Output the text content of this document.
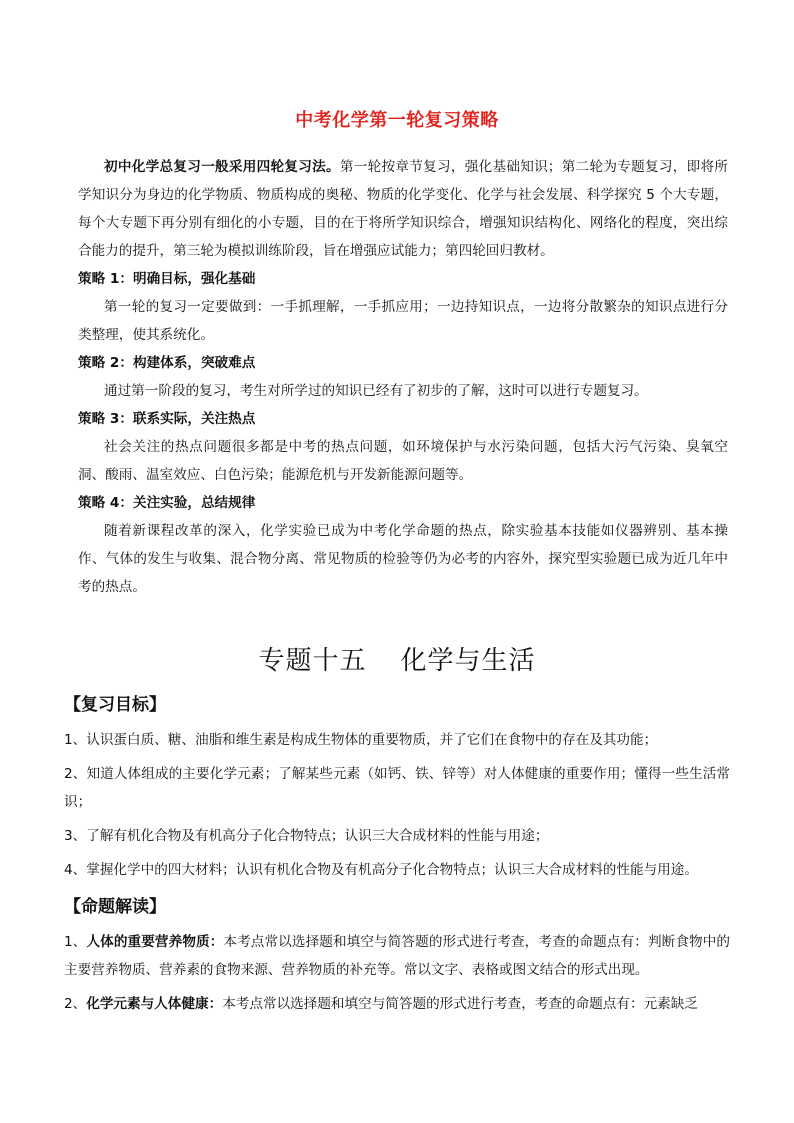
中考化学第一轮复习策略

初中化学总复习一般采用四轮复习法。第一轮按章节复习，强化基础知识；第二轮为专题复习，即将所学知识分为身边的化学物质、物质构成的奥秘、物质的化学变化、化学与社会发展、科学探究 5 个大专题，每个大专题下再分别有细化的小专题，目的在于将所学知识综合，增强知识结构化、网络化的程度，突出综合能力的提升，第三轮为模拟训练阶段，旨在增强应试能力；第四轮回归教材。

策略 1：明确目标，强化基础

第一轮的复习一定要做到：一手抓理解，一手抓应用；一边持知识点，一边将分散繁杂的知识点进行分类整理，使其系统化。

策略 2：构建体系，突破难点

通过第一阶段的复习，考生对所学过的知识已经有了初步的了解，这时可以进行专题复习。

策略 3：联系实际，关注热点

社会关注的热点问题很多都是中考的热点问题，如环境保护与水污染问题，包括大污气污染、臭氧空洞、酸雨、温室效应、白色污染；能源危机与开发新能源问题等。

策略 4：关注实验，总结规律

随着新课程改革的深入，化学实验已成为中考化学命题的热点，除实验基本技能如仪器辨别、基本操作、气体的发生与收集、混合物分离、常见物质的检验等仍为必考的内容外，探究型实验题已成为近几年中考的热点。

专题十五 化学与生活
【复习目标】
1、认识蛋白质、糖、油脂和维生素是构成生物体的重要物质，并了它们在食物中的存在及其功能；
2、知道人体组成的主要化学元素；了解某些元素（如钙、铁、锌等）对人体健康的重要作用；懂得一些生活常识；
3、了解有机化合物及有机高分子化合物特点；认识三大合成材料的性能与用途；
4、掌握化学中的四大材料；认识有机化合物及有机高分子化合物特点；认识三大合成材料的性能与用途。
【命题解读】
1、人体的重要营养物质：本考点常以选择题和填空与简答题的形式进行考查，考查的命题点有：判断食物中的主要营养物质、营养素的食物来源、营养物质的补充等。常以文字、表格或图文结合的形式出现。
2、化学元素与人体健康：本考点常以选择题和填空与简答题的形式进行考查，考查的命题点有：元素缺乏
